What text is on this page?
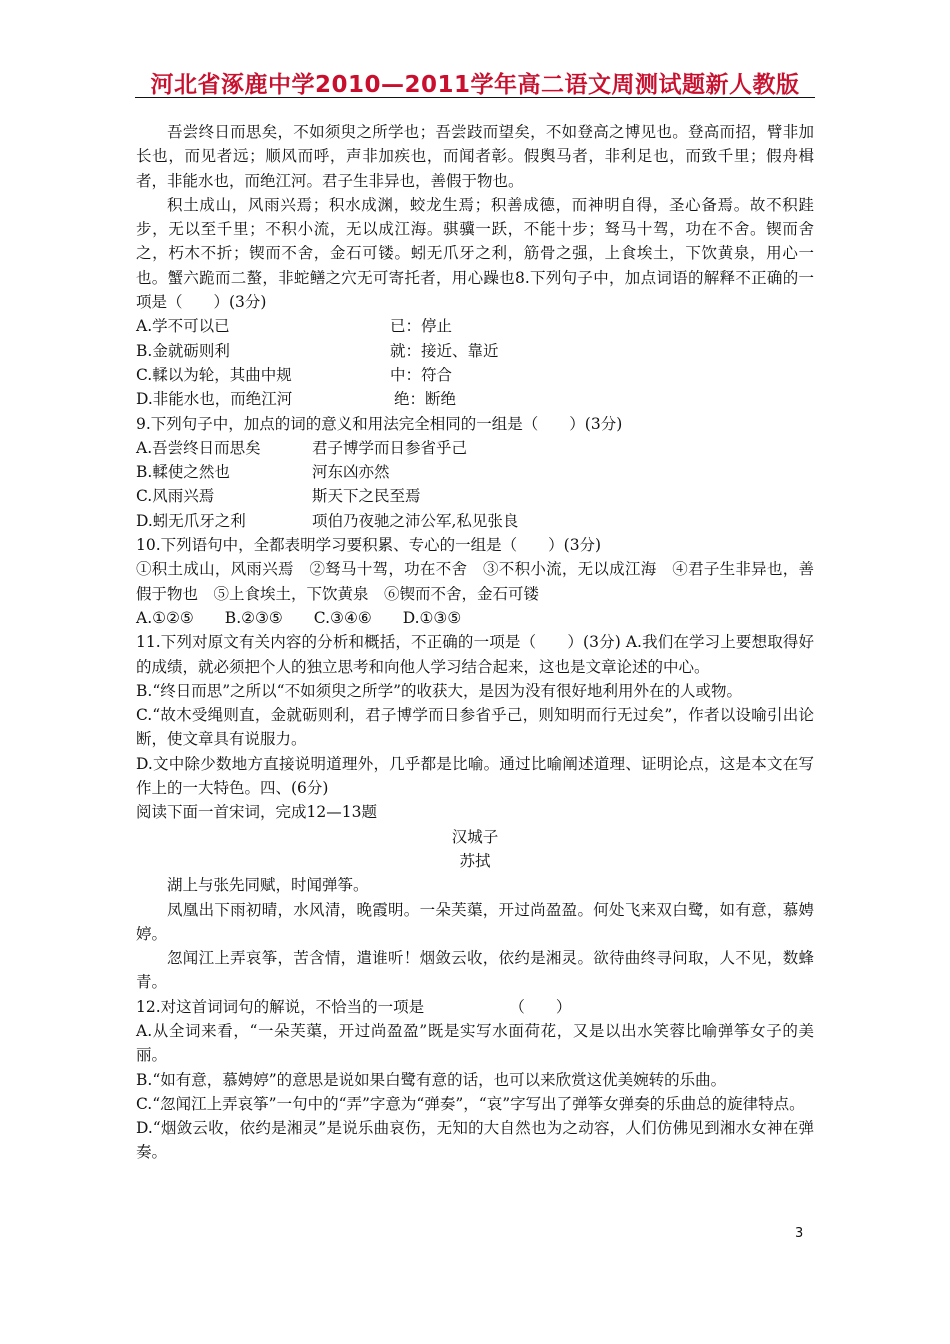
河北省涿鹿中学2010—2011学年高二语文周测试题新人教版

吾尝终日而思矣，不如须臾之所学也；吾尝跂而望矣，不如登高之博见也。登高而招，臂非加长也，而见者远；顺风而呼，声非加疾也，而闻者彰。假舆马者，非利足也，而致千里；假舟楫者，非能水也，而绝江河。君子生非异也，善假于物也。

积土成山，风雨兴焉；积水成渊，蛟龙生焉；积善成德，而神明自得，圣心备焉。故不积跬步，无以至千里；不积小流，无以成江海。骐骥一跃，不能十步；驽马十驾，功在不舍。锲而舍之，朽木不折；锲而不舍，金石可镂。蚓无爪牙之利，筋骨之强，上食埃土，下饮黄泉，用心一也。蟹六跪而二螯，非蛇鳝之穴无可寄托者，用心躁也8.下列句子中，加点词语的解释不正确的一项是（　　）(3分)

A.学不可以已	已：停止
B.金就砺则利	就：接近、靠近
C.輮以为轮，其曲中规	中：符合
D.非能水也，而绝江河	绝：断绝

9.下列句子中，加点的词的意义和用法完全相同的一组是（　　）(3分)

A.吾尝终日而思矣	君子博学而日参省乎己
B.輮使之然也	河东凶亦然
C.风雨兴焉	斯天下之民至焉
D.蚓无爪牙之利	项伯乃夜驰之沛公军,私见张良

10.下列语句中，全都表明学习要积累、专心的一组是（　　）(3分)

①积土成山，风雨兴焉　②驽马十驾，功在不舍　③不积小流，无以成江海　④君子生非异也，善假于物也　⑤上食埃土，下饮黄泉　⑥锲而不舍，金石可镂

A.①②⑤　　B.②③⑤　　C.③④⑥　　D.①③⑤

11.下列对原文有关内容的分析和概括，不正确的一项是（　　）(3分) A.我们在学习上要想取得好的成绩，就必须把个人的独立思考和向他人学习结合起来，这也是文章论述的中心。

B.“终日而思”之所以“不如须臾之所学”的收获大，是因为没有很好地利用外在的人或物。

C.“故木受绳则直，金就砺则利，君子博学而日参省乎己，则知明而行无过矣”，作者以设喻引出论断，使文章具有说服力。

D.文中除少数地方直接说明道理外，几乎都是比喻。通过比喻阐述道理、证明论点，这是本文在写作上的一大特色。四、(6分)

阅读下面一首宋词，完成12—13题

汉城子

苏拭

湖上与张先同赋，时闻弹筝。

凤凰出下雨初晴，水风清，晚霞明。一朵芙蕖，开过尚盈盈。何处飞来双白鹭，如有意，慕娉婷。

忽闻江上弄哀筝，苦含情，遣谁听！烟敛云收，依约是湘灵。欲待曲终寻问取，人不见，数蜂青。

12.对这首词词句的解说，不恰当的一项是　　　　　　（　　）

A.从全词来看，“一朵芙蕖，开过尚盈盈”既是实写水面荷花，又是以出水笑蓉比喻弹筝女子的美丽。

B.“如有意，慕娉婷”的意思是说如果白鹭有意的话，也可以来欣赏这优美婉转的乐曲。

C.“忽闻江上弄哀筝”一句中的“弄”字意为“弹奏”，“哀”字写出了弹筝女弹奏的乐曲总的旋律特点。

D.“烟敛云收，依约是湘灵”是说乐曲哀伤，无知的大自然也为之动容，人们仿佛见到湘水女神在弹奏。

3
